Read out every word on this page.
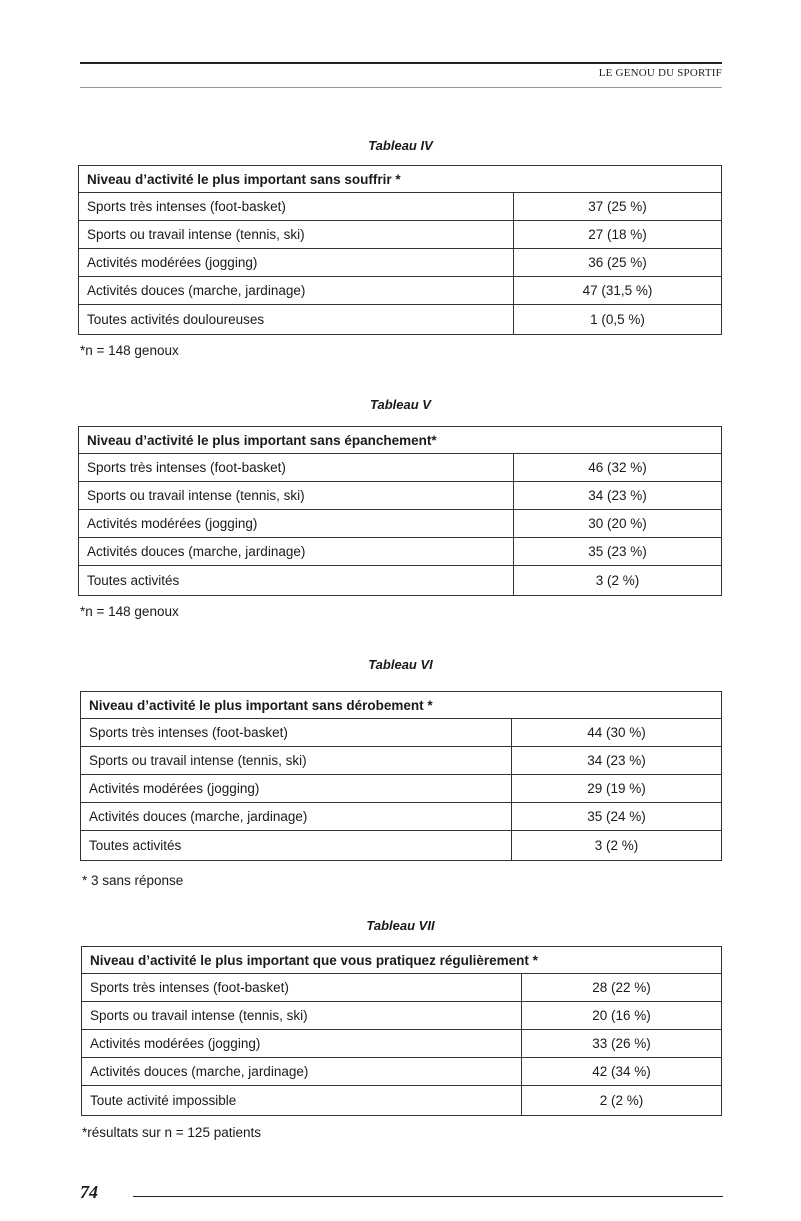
LE GENOU DU SPORTIF
Tableau IV
Niveau d’activité le plus important sans souffrir *	
Sports très intenses (foot-basket)	37 (25 %)
Sports ou travail intense (tennis, ski)	27 (18 %)
Activités modérées (jogging)	36 (25 %)
Activités douces (marche, jardinage)	47 (31,5 %)
Toutes activités douloureuses	1 (0,5 %)
*n = 148 genoux
Tableau V
Niveau d’activité le plus important sans épanchement*	
Sports très intenses (foot-basket)	46 (32 %)
Sports ou travail intense (tennis, ski)	34 (23 %)
Activités modérées (jogging)	30 (20 %)
Activités douces (marche, jardinage)	35 (23 %)
Toutes activités	3 (2 %)
*n = 148 genoux
Tableau VI
Niveau d’activité le plus important sans dérobement *	
Sports très intenses (foot-basket)	44 (30 %)
Sports ou travail intense (tennis, ski)	34 (23 %)
Activités modérées (jogging)	29 (19 %)
Activités douces (marche, jardinage)	35 (24 %)
Toutes activités	3 (2 %)
* 3 sans réponse
Tableau VII
Niveau d’activité le plus important que vous pratiquez régulièrement *	
Sports très intenses (foot-basket)	28 (22 %)
Sports ou travail intense (tennis, ski)	20 (16 %)
Activités modérées (jogging)	33 (26 %)
Activités douces (marche, jardinage)	42 (34 %)
Toute activité impossible	2 (2 %)
*résultats sur n = 125 patients
74
